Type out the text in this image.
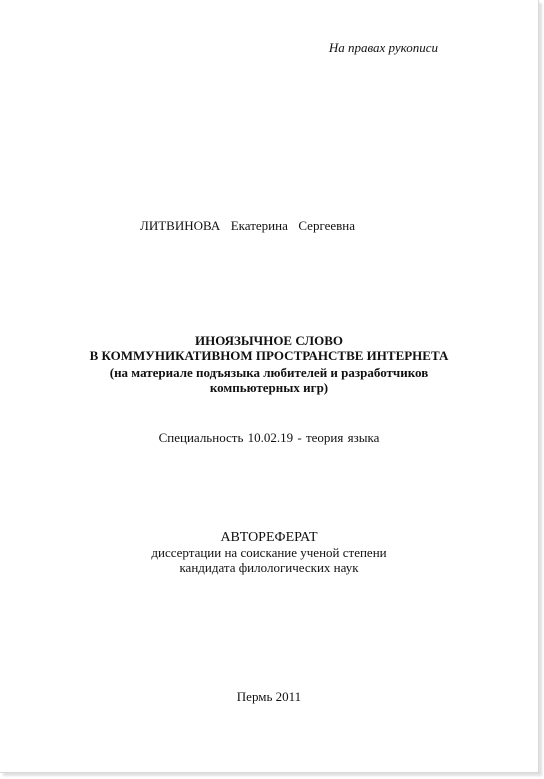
На правах рукописи
ЛИТВИНОВА  Екатерина  Сергеевна
ИНОЯЗЫЧНОЕ СЛОВО
В КОММУНИКАТИВНОМ ПРОСТРАНСТВЕ ИНТЕРНЕТА
(на материале подъязыка любителей и разработчиков
компьютерных игр)
Специальность 10.02.19 - теория языка
АВТОРЕФЕРАТ
диссертации на соискание ученой степени
кандидата филологических наук
Пермь 2011
